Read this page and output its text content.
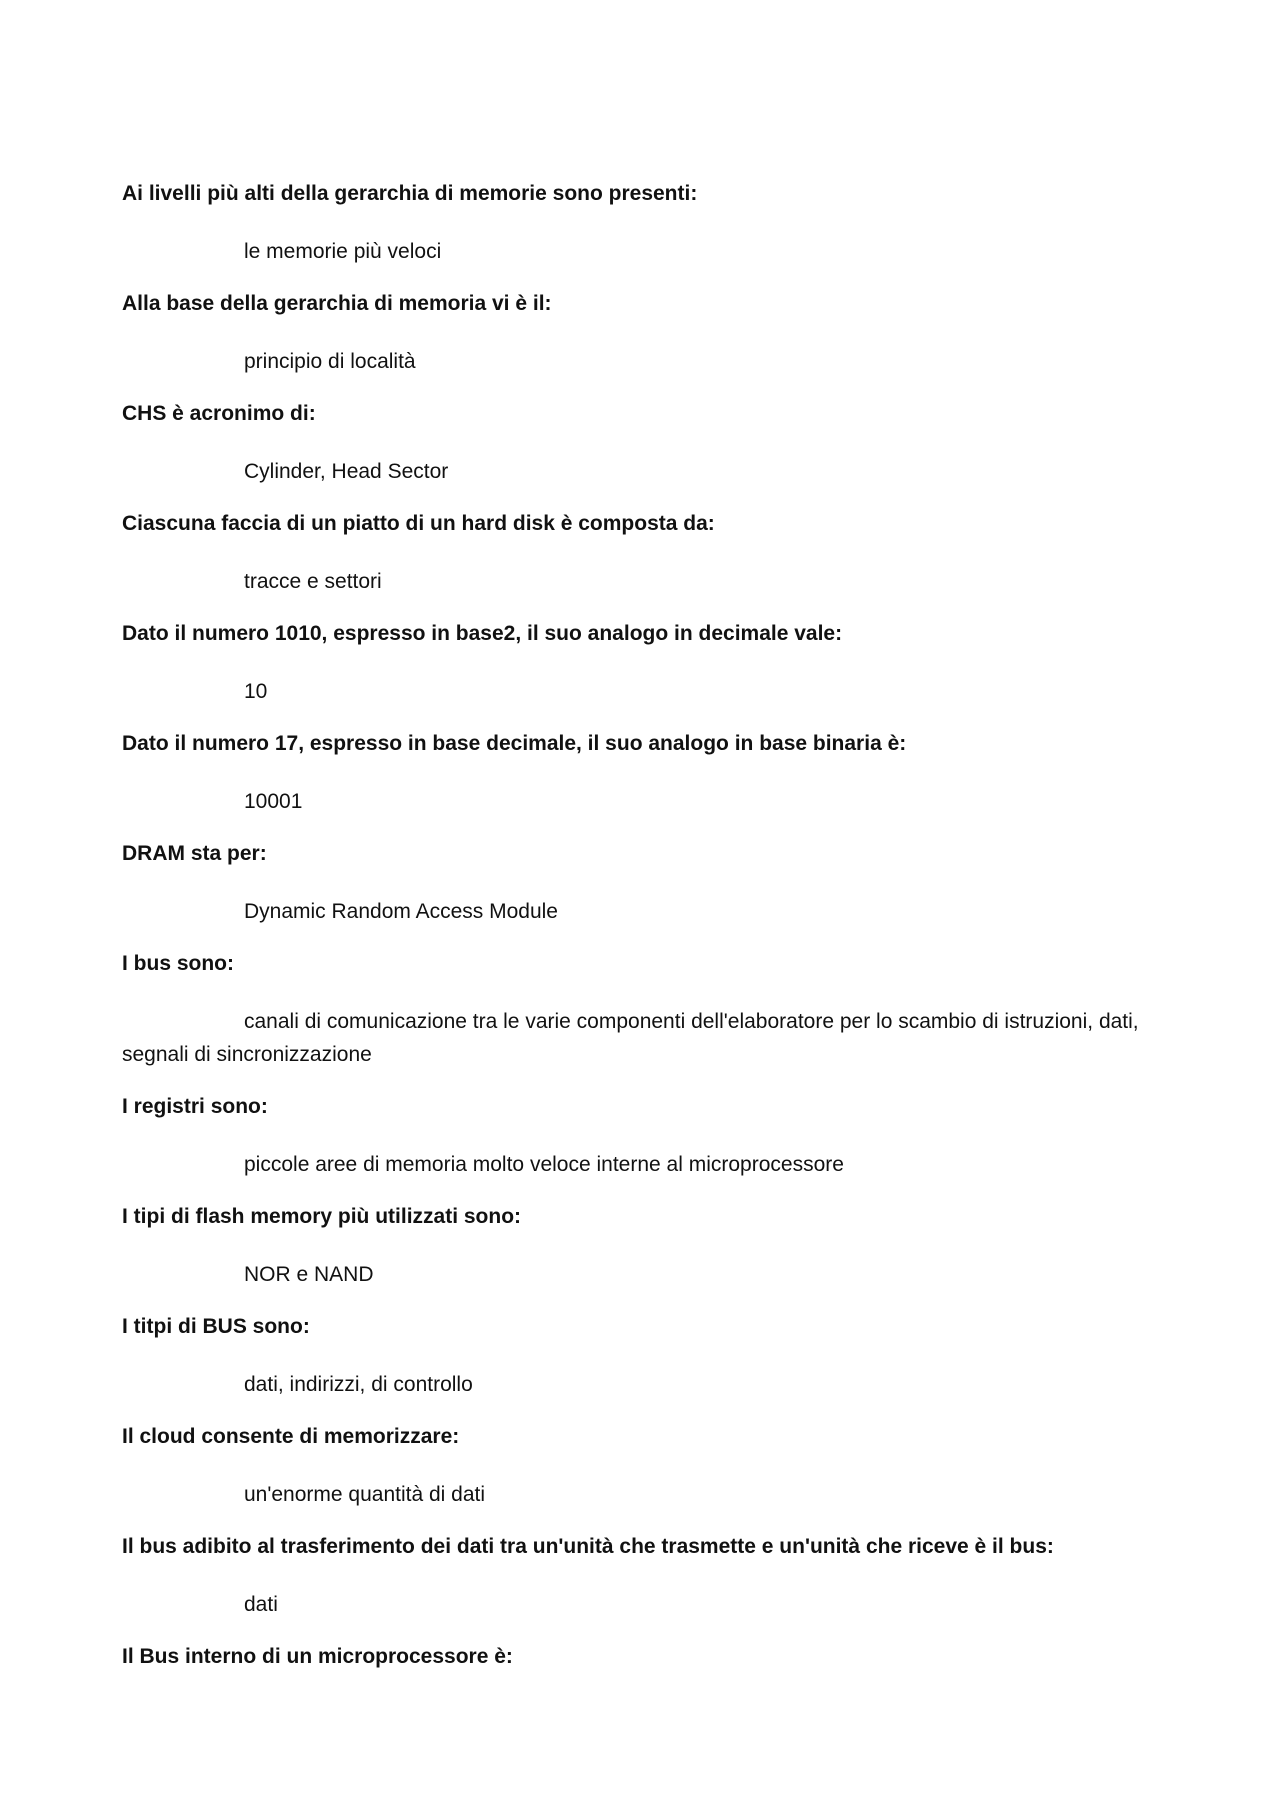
Ai livelli più alti della gerarchia di memorie sono presenti:

le memorie più veloci

Alla base della gerarchia di memoria vi è il:

principio di località

CHS è acronimo di:

Cylinder, Head Sector

Ciascuna faccia di un piatto di un hard disk è composta da:

tracce e settori

Dato il numero 1010, espresso in base2, il suo analogo in decimale vale:

10

Dato il numero 17, espresso in base decimale, il suo analogo in base binaria è:

10001

DRAM sta per:

Dynamic Random Access Module

I bus sono:

canali di comunicazione tra le varie componenti dell'elaboratore per lo scambio di istruzioni, dati, segnali di sincronizzazione

I registri sono:

piccole aree di memoria molto veloce interne al microprocessore

I tipi di flash memory più utilizzati sono:

NOR e NAND

I titpi di BUS sono:

dati, indirizzi, di controllo

Il cloud consente di memorizzare:

un'enorme quantità di dati

Il bus adibito al trasferimento dei dati tra un'unità che trasmette e un'unità che riceve è il bus:

dati

Il Bus interno di un microprocessore è:
